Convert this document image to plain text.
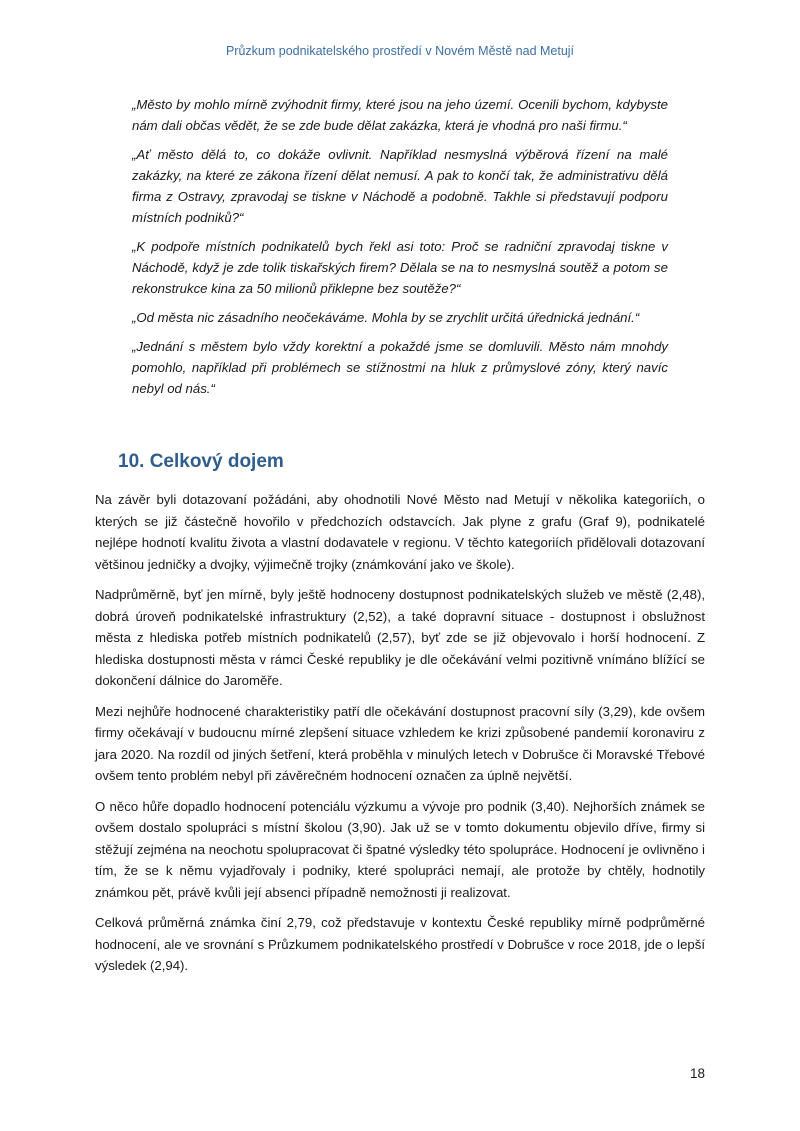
Průzkum podnikatelského prostředí v Novém Městě nad Metují

„Město by mohlo mírně zvýhodnit firmy, které jsou na jeho území. Ocenili bychom, kdybyste nám dali občas vědět, že se zde bude dělat zakázka, která je vhodná pro naši firmu.“

„Ať město dělá to, co dokáže ovlivnit. Například nesmyslná výběrová řízení na malé zakázky, na které ze zákona řízení dělat nemusí. A pak to končí tak, že administrativu dělá firma z Ostravy, zpravodaj se tiskne v Náchodě a podobně. Takhle si představují podporu místních podniků?“

„K podpoře místních podnikatelů bych řekl asi toto: Proč se radniční zpravodaj tiskne v Náchodě, když je zde tolik tiskařských firem? Dělala se na to nesmyslná soutěž a potom se rekonstrukce kina za 50 milionů přiklepne bez soutěže?“

„Od města nic zásadního neočekáváme. Mohla by se zrychlit určitá úřednická jednání.“

„Jednání s městem bylo vždy korektní a pokaždé jsme se domluvili. Město nám mnohdy pomohlo, například při problémech se stížnostmi na hluk z průmyslové zóny, který navíc nebyl od nás.“

10. Celkový dojem

Na závěr byli dotazovaní požádáni, aby ohodnotili Nové Město nad Metují v několika kategoriích, o kterých se již částečně hovořilo v předchozích odstavcích. Jak plyne z grafu (Graf 9), podnikatelé nejlépe hodnotí kvalitu života a vlastní dodavatele v regionu. V těchto kategoriích přidělovali dotazovaní většinou jedničky a dvojky, výjimečně trojky (známkování jako ve škole).

Nadprůměrně, byť jen mírně, byly ještě hodnoceny dostupnost podnikatelských služeb ve městě (2,48), dobrá úroveň podnikatelské infrastruktury (2,52), a také dopravní situace - dostupnost i obslužnost města z hlediska potřeb místních podnikatelů (2,57), byť zde se již objevovalo i horší hodnocení. Z hlediska dostupnosti města v rámci České republiky je dle očekávání velmi pozitivně vnímáno blížící se dokončení dálnice do Jaroměře.

Mezi nejhůře hodnocené charakteristiky patří dle očekávání dostupnost pracovní síly (3,29), kde ovšem firmy očekávají v budoucnu mírné zlepšení situace vzhledem ke krizi způsobené pandemií koronaviru z jara 2020. Na rozdíl od jiných šetření, která proběhla v minulých letech v Dobrušce či Moravské Třebové ovšem tento problém nebyl při závěrečném hodnocení označen za úplně největší.

O něco hůře dopadlo hodnocení potenciálu výzkumu a vývoje pro podnik (3,40). Nejhorších známek se ovšem dostalo spolupráci s místní školou (3,90). Jak už se v tomto dokumentu objevilo dříve, firmy si stěžují zejména na neochotu spolupracovat či špatné výsledky této spolupráce. Hodnocení je ovlivněno i tím, že se k němu vyjadřovaly i podniky, které spolupráci nemají, ale protože by chtěly, hodnotily známkou pět, právě kvůli její absenci případně nemožnosti ji realizovat.

Celková průměrná známka činí 2,79, což představuje v kontextu České republiky mírně podprůměrné hodnocení, ale ve srovnání s Průzkumem podnikatelského prostředí v Dobrušce v roce 2018, jde o lepší výsledek (2,94).

18
